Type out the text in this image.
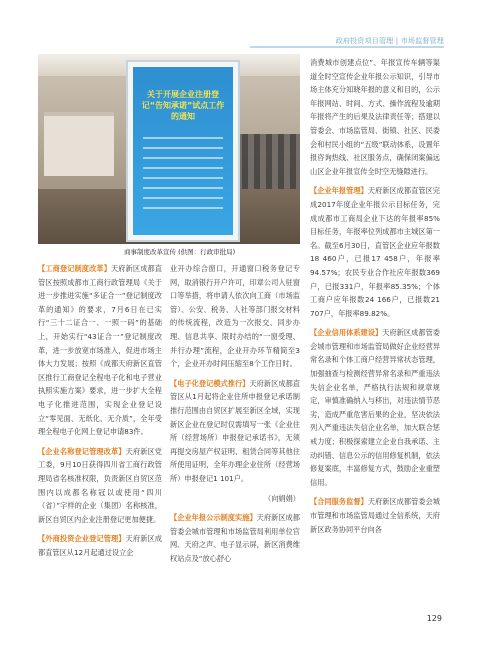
政府投资项目管理 | 市场监督管理
关于开展企业注册登记“告知承诺”试点工作的通知
商事制度改革宣传 (供图：行政审批局)

【工商登记制度改革】天府新区成都直管区按照成都市工商行政管理局《关于进一步推进实施“多证合一”登记制度改革的通知》的要求，7月6日在已实行“三十二证合一、一照一码”的基础上，开始实行“43证合一”登记制度改革，进一步放宽市场准入，促进市场主体大力发展；按照《成都天府新区直管区推行工商登记全程电子化和电子营业执照实施方案》要求，进一步扩大全程电子化推进范围，实现企业登记设立“零见面、无纸化、无介质”，全年受理全程电子化网上登记申请83件。

【企业名称登记管理改革】天府新区党工委，9月10日获得四川省工商行政管理局省名核准权限，负责新区自贸区范围内以成都名称冠以或使用“四川（省）”字样的企业（集团）名称核准，新区自贸区内企业注册登记更加便捷。

【外商投资企业登记管理】天府新区成都直管区从12月起通过设立企

业开办综合窗口，开通窗口税务登记专网，取消银行开户许可，印章公司入驻窗口等举措，将申请人依次向工商（市场监管）、公安、税务、人社等部门报交材料的传统流程，改造为一次报交、同步办理、信息共享、限时办结的“一窗受理、并行办理”流程，企业开办环节精简至3个，企业开办时间压缩至8个工作日时。

【电子化登记模式推行】天府新区成都直管区从1月起将企业住所申报登记承诺制推行范围由自贸区扩展至新区全域，实现新区企业在登记时仅需填写一张《企业住所（经营场所）申报登记承诺书》，无须再提交房屋产权证明、租赁合同等其他住所使用证明，全年办理企业住所（经营场所）申报登记1 101户。

（向娟娟）

【企业年报公示制度实施】天府新区成都管委会城市管理和市场监管局利用单位官网、天府之声、电子显示屏，新区消费维权站点及“放心舒心

消费城市创建点位”、年报宣传车辆等渠道全时空宣传企业年报公示知识，引导市场主体充分知晓年报的意义和目的，公示年报网站、时间、方式、操作流程及逾期年报将产生的后果及法律责任等；搭建以管委会、市场监管局、街镇、社区、民委会和村民小组的“五级”联动体系，设置年报咨询热线、社区服务点，确保闭案偏远山区企业年报宣传全时空无缝隙进行。

【企业年报管理】天府新区成都直管区完成2017年度企业年报公示目标任务，完成成都市工商局企业下达的年报率85%目标任务，年报率位列成都市主城区第一名。截至6月30日，直管区企业应年报数18 460户，已报17 458户，年报率94.57%；农民专业合作社应年报数369户，已报331户，年报率85.35%；个体工商户应年报数24 166户，已报数21 707户，年报率89.82%。

【企业信用体系建设】天府新区成都管委会城市管理和市场监管局做好企业经营异常名录和个体工商户经营异常状态管理，加强抽查与检测经营异常名录和严重违法失信企业名单，严格执行法规和规章规定，审慎准确纳入与移出，对违法情节恶劣，造成严重危害后果的企业，坚决依法列入严重违法失信企业名单，加大联合惩戒力度；积极探索建立企业自我承诺、主动纠错、信息公示的信用修复机制，依法修复案底，丰富修复方式，鼓励企业重塑信用。

【合同服务监督】天府新区成都管委会城市管理和市场监管局通过全信系统，天府新区政务协同平台向各

129
